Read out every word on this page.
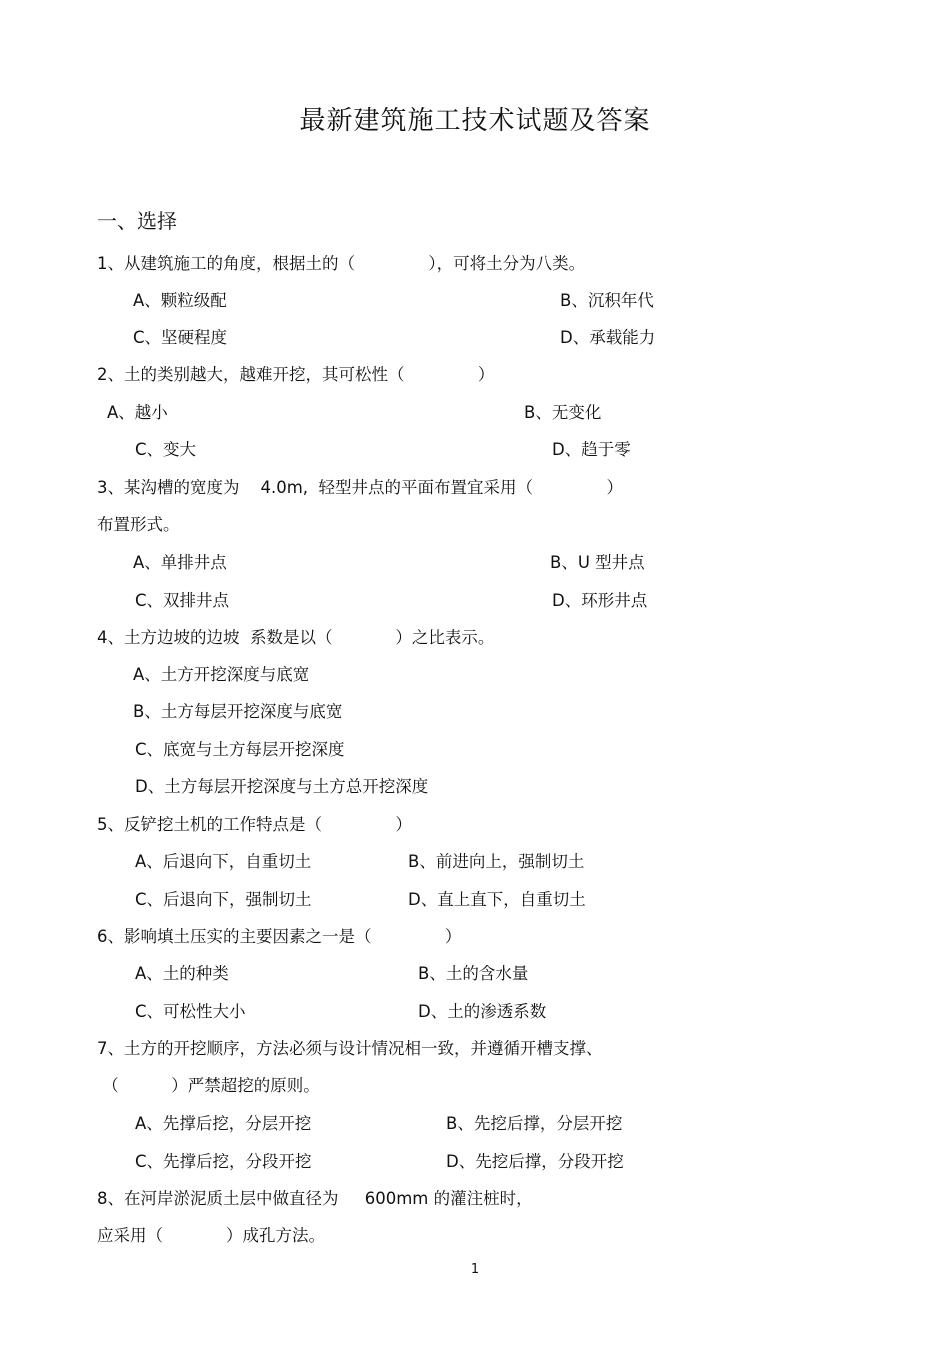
最新建筑施工技术试题及答案
一、选择
1、从建筑施工的角度，根据土的（              ），可将土分为八类。
A、颗粒级配	B、沉积年代
C、坚硬程度	D、承载能力
2、土的类别越大，越难开挖，其可松性（              ）
A、越小	B、无变化
C、变大	D、趋于零
3、某沟槽的宽度为    4.0m,  轻型井点的平面布置宜采用（              ）
布置形式。
A、单排井点	B、U 型井点
C、双排井点	D、环形井点
4、土方边坡的边坡  系数是以（            ）之比表示。
A、土方开挖深度与底宽
B、土方每层开挖深度与底宽
C、底宽与土方每层开挖深度
D、土方每层开挖深度与土方总开挖深度
5、反铲挖土机的工作特点是（              ）
A、后退向下，自重切土	B、前进向上，强制切土
C、后退向下，强制切土	D、直上直下，自重切土
6、影响填土压实的主要因素之一是（              ）
A、土的种类	B、土的含水量
C、可松性大小	D、土的渗透系数
7、土方的开挖顺序，方法必须与设计情况相一致，并遵循开槽支撑、
（          ）严禁超挖的原则。
A、先撑后挖，分层开挖	B、先挖后撑，分层开挖
C、先撑后挖，分段开挖	D、先挖后撑，分段开挖
8、在河岸淤泥质土层中做直径为     600mm 的灌注桩时，
应采用（            ）成孔方法。
1
